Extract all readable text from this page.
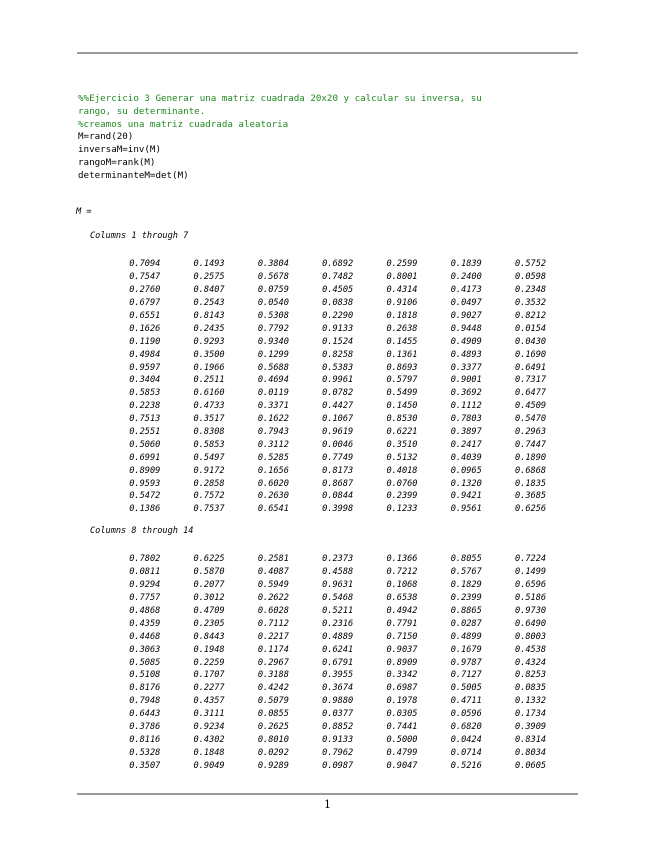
%%Ejercicio 3 Generar una matriz cuadrada 20x20 y calcular su inversa, su
rango, su determinante.
%creamos una matriz cuadrada aleatoria
M=rand(20)
inversaM=inv(M)
rangoM=rank(M)
determinanteM=det(M)
M =
Columns 1 through 7
0.7094	0.1493	0.3804	0.6892	0.2599	0.1839	0.5752
0.7547	0.2575	0.5678	0.7482	0.8001	0.2400	0.0598
0.2760	0.8407	0.0759	0.4505	0.4314	0.4173	0.2348
0.6797	0.2543	0.0540	0.0838	0.9106	0.0497	0.3532
0.6551	0.8143	0.5308	0.2290	0.1818	0.9027	0.8212
0.1626	0.2435	0.7792	0.9133	0.2638	0.9448	0.0154
0.1190	0.9293	0.9340	0.1524	0.1455	0.4909	0.0430
0.4984	0.3500	0.1299	0.8258	0.1361	0.4893	0.1690
0.9597	0.1966	0.5688	0.5383	0.8693	0.3377	0.6491
0.3404	0.2511	0.4694	0.9961	0.5797	0.9001	0.7317
0.5853	0.6160	0.0119	0.0782	0.5499	0.3692	0.6477
0.2238	0.4733	0.3371	0.4427	0.1450	0.1112	0.4509
0.7513	0.3517	0.1622	0.1067	0.8530	0.7803	0.5470
0.2551	0.8308	0.7943	0.9619	0.6221	0.3897	0.2963
0.5060	0.5853	0.3112	0.0046	0.3510	0.2417	0.7447
0.6991	0.5497	0.5285	0.7749	0.5132	0.4039	0.1890
0.8909	0.9172	0.1656	0.8173	0.4018	0.0965	0.6868
0.9593	0.2858	0.6020	0.8687	0.0760	0.1320	0.1835
0.5472	0.7572	0.2630	0.0844	0.2399	0.9421	0.3685
0.1386	0.7537	0.6541	0.3998	0.1233	0.9561	0.6256
Columns 8 through 14
0.7802	0.6225	0.2581	0.2373	0.1366	0.8055	0.7224
0.0811	0.5870	0.4087	0.4588	0.7212	0.5767	0.1499
0.9294	0.2077	0.5949	0.9631	0.1068	0.1829	0.6596
0.7757	0.3012	0.2622	0.5468	0.6538	0.2399	0.5186
0.4868	0.4709	0.6028	0.5211	0.4942	0.8865	0.9730
0.4359	0.2305	0.7112	0.2316	0.7791	0.0287	0.6490
0.4468	0.8443	0.2217	0.4889	0.7150	0.4899	0.8003
0.3063	0.1948	0.1174	0.6241	0.9037	0.1679	0.4538
0.5085	0.2259	0.2967	0.6791	0.8909	0.9787	0.4324
0.5108	0.1707	0.3188	0.3955	0.3342	0.7127	0.8253
0.8176	0.2277	0.4242	0.3674	0.6987	0.5005	0.0835
0.7948	0.4357	0.5079	0.9880	0.1978	0.4711	0.1332
0.6443	0.3111	0.0855	0.0377	0.0305	0.0596	0.1734
0.3786	0.9234	0.2625	0.8852	0.7441	0.6820	0.3909
0.8116	0.4302	0.8010	0.9133	0.5000	0.0424	0.8314
0.5328	0.1848	0.0292	0.7962	0.4799	0.0714	0.8034
0.3507	0.9049	0.9289	0.0987	0.9047	0.5216	0.0605
1
